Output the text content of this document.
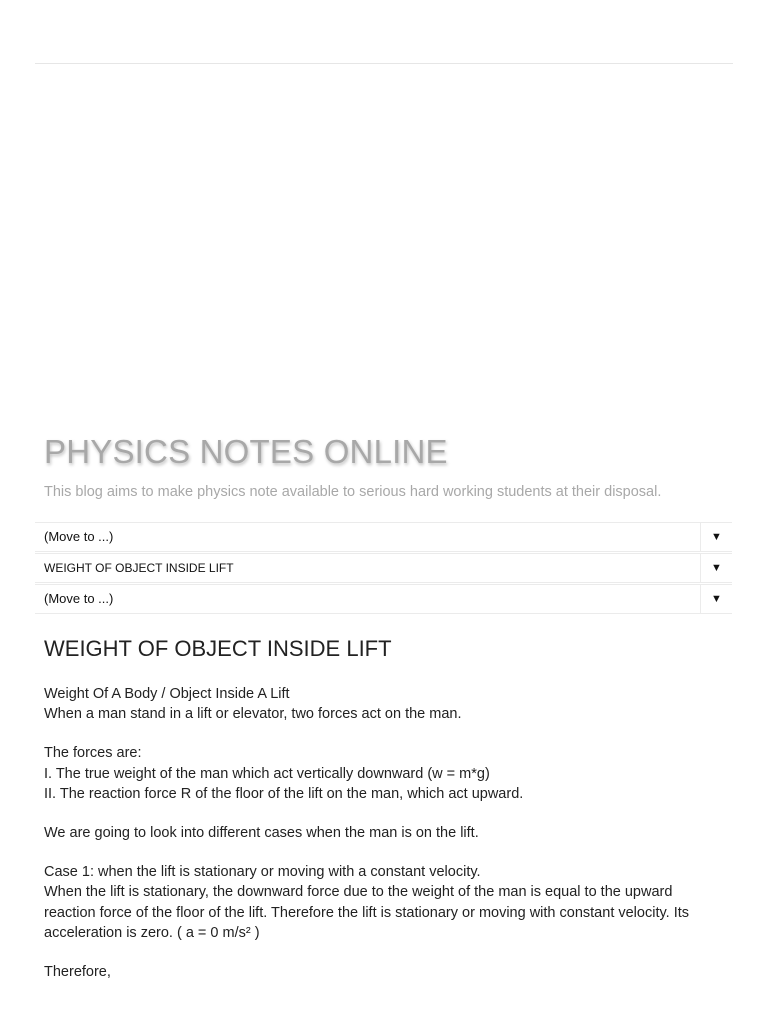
PHYSICS NOTES ONLINE
This blog aims to make physics note available to serious hard working students at their disposal.
(Move to ...)	▼
WEIGHT OF OBJECT INSIDE LIFT	▼
(Move to ...)	▼
WEIGHT OF OBJECT INSIDE LIFT

Weight Of A Body / Object Inside A Lift
When a man stand in a lift or elevator, two forces act on the man.

The forces are:
I. The true weight of the man which act vertically downward (w = m*g)
II. The reaction force R of the floor of the lift on the man, which act upward.

We are going to look into different cases when the man is on the lift.

Case 1: when the lift is stationary or moving with a constant velocity.
When the lift is stationary, the downward force due to the weight of the man is equal to the upward reaction force of the floor of the lift. Therefore the lift is stationary or moving with constant velocity. Its acceleration is zero. ( a = 0 m/s² )

Therefore,
